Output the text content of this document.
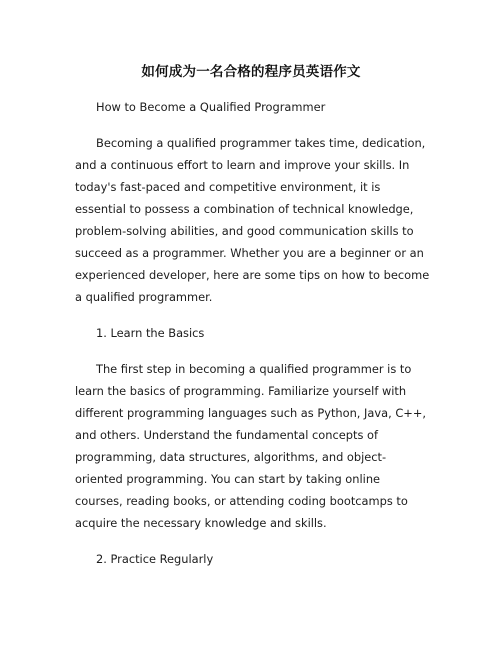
如何成为一名合格的程序员英语作文

How to Become a Qualified Programmer

Becoming a qualified programmer takes time, dedication, and a continuous effort to learn and improve your skills. In today's fast-paced and competitive environment, it is essential to possess a combination of technical knowledge, problem-solving abilities, and good communication skills to succeed as a programmer. Whether you are a beginner or an experienced developer, here are some tips on how to become a qualified programmer.

1. Learn the Basics

The first step in becoming a qualified programmer is to learn the basics of programming. Familiarize yourself with different programming languages such as Python, Java, C++, and others. Understand the fundamental concepts of programming, data structures, algorithms, and object-oriented programming. You can start by taking online courses, reading books, or attending coding bootcamps to acquire the necessary knowledge and skills.

2. Practice Regularly
